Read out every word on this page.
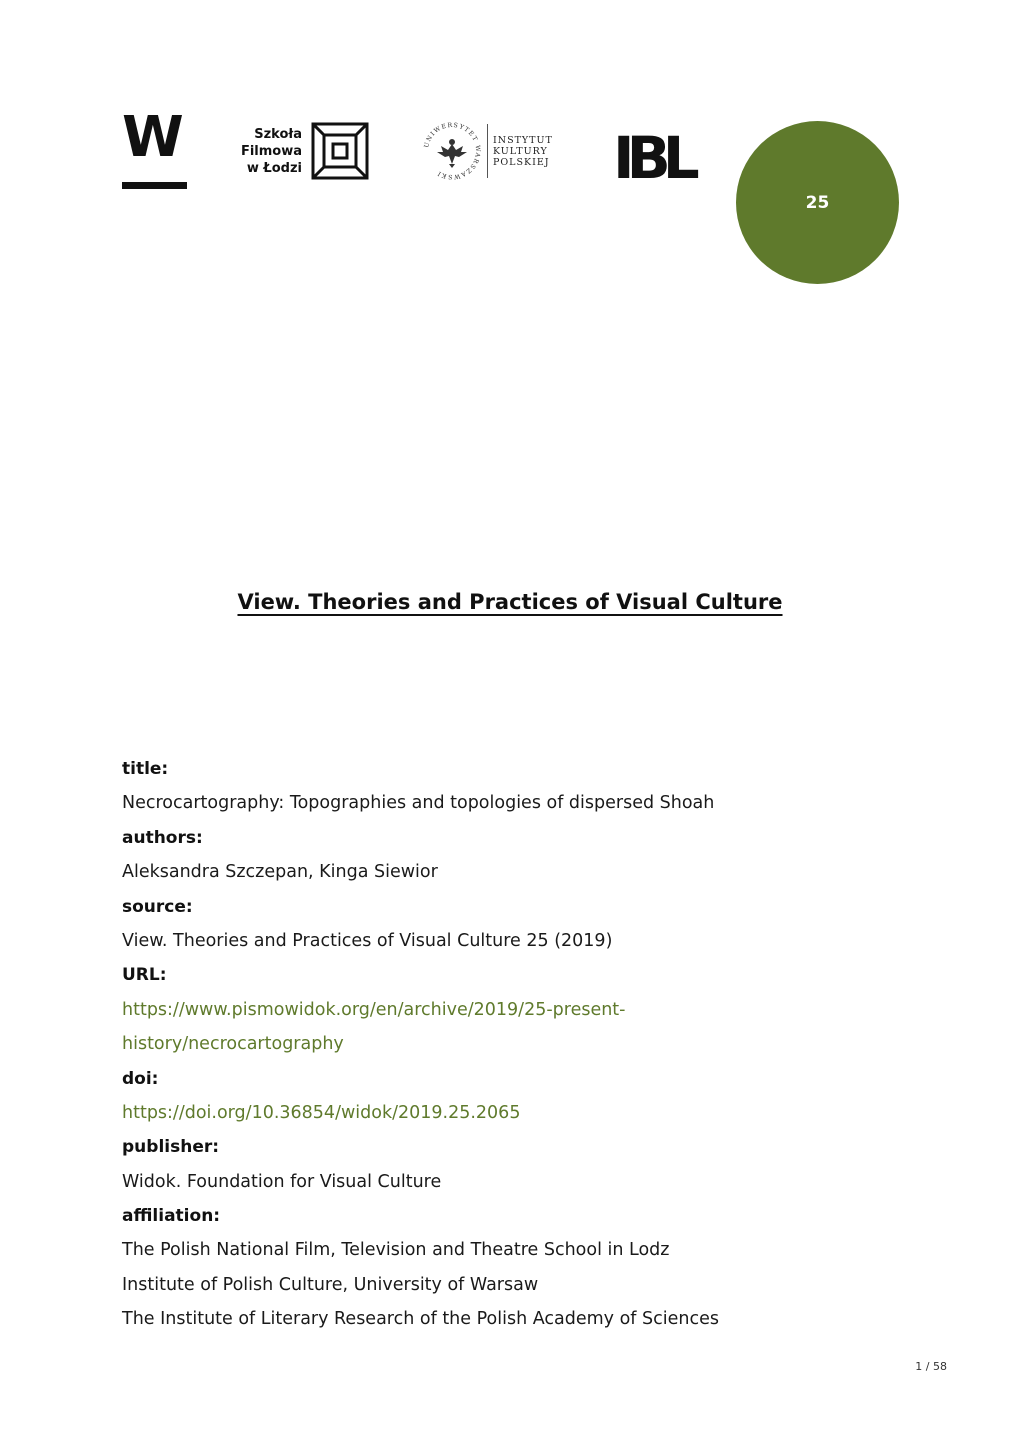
W	Szkoła
Filmowa
w Łodzi
UNIWERSYTET WARSZAWSKI
INSTYTUT
KULTURY
POLSKIEJ IBL
25
View. Theories and Practices of Visual Culture
title:
Necrocartography: Topographies and topologies of dispersed Shoah
authors:
Aleksandra Szczepan, Kinga Siewior
source:
View. Theories and Practices of Visual Culture 25 (2019)
URL:
https://www.pismowidok.org/en/archive/2019/25-present-
history/necrocartography
doi:
https://doi.org/10.36854/widok/2019.25.2065
publisher:
Widok. Foundation for Visual Culture
affiliation:
The Polish National Film, Television and Theatre School in Lodz
Institute of Polish Culture, University of Warsaw
The Institute of Literary Research of the Polish Academy of Sciences
1 / 58
